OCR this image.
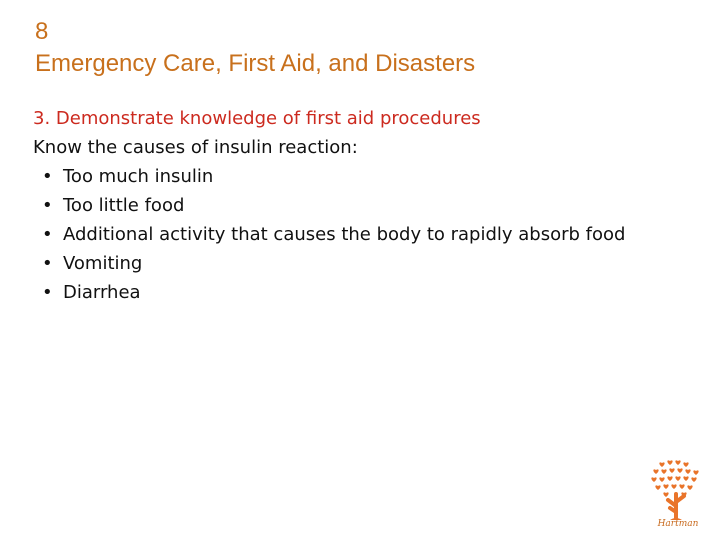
8
Emergency Care, First Aid, and Disasters
3. Demonstrate knowledge of first aid procedures
Know the causes of insulin reaction:
• Too much insulin
• Too little food
• Additional activity that causes the body to rapidly absorb food
• Vomiting
• Diarrhea
Hartman
